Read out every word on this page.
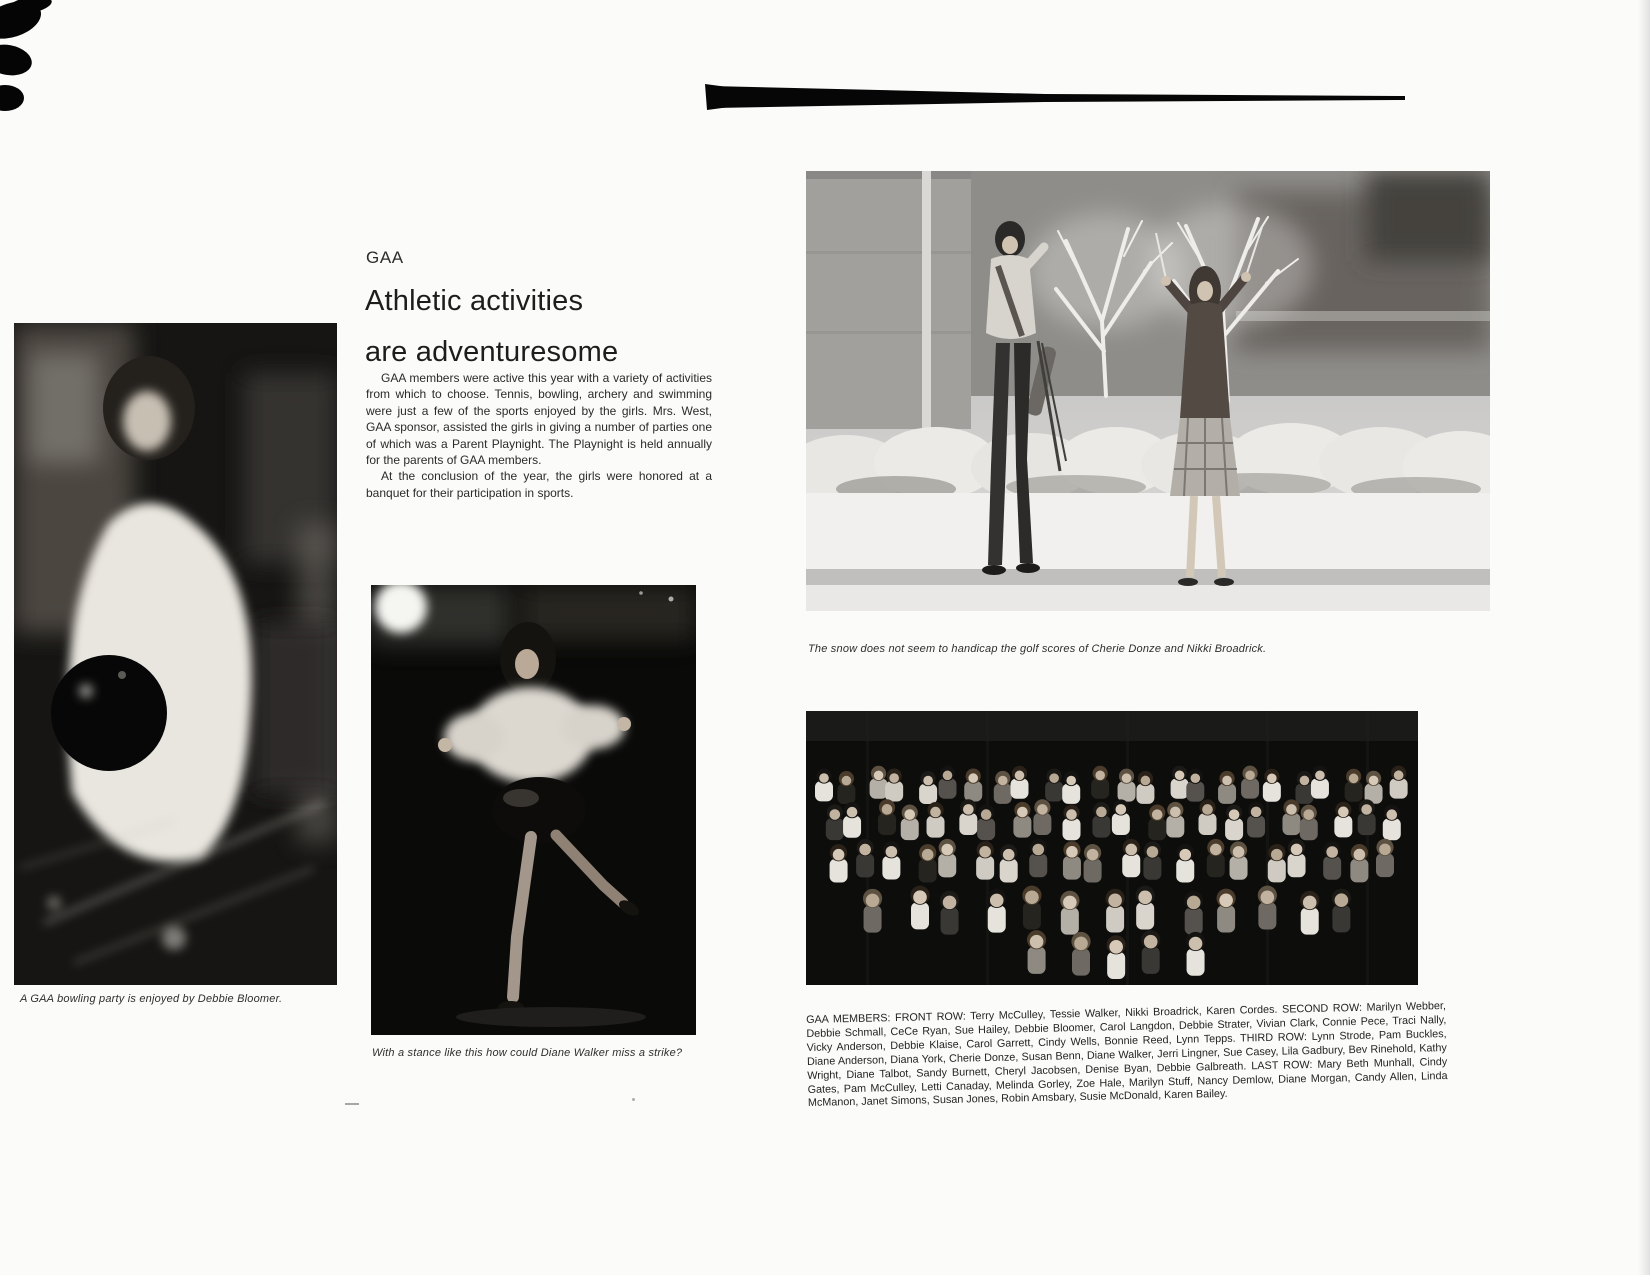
A GAA bowling party is enjoyed by Debbie Bloomer.
GAA
Athletic activities
are adventuresome

GAA members were active this year with a variety of activities from which to choose. Tennis, bowling, archery and swimming were just a few of the sports enjoyed by the girls. Mrs. West, GAA sponsor, assisted the girls in giving a number of parties one of which was a Parent Playnight. The Playnight is held annually for the parents of GAA members.

At the conclusion of the year, the girls were honored at a banquet for their participation in sports.

With a stance like this how could Diane Walker miss a strike?
The snow does not seem to handicap the golf scores of Cherie Donze and Nikki Broadrick.
GAA MEMBERS: FRONT ROW: Terry McCulley, Tessie Walker, Nikki Broadrick, Karen Cordes. SECOND ROW: Marilyn Webber, Debbie Schmall, CeCe Ryan, Sue Hailey, Debbie Bloomer, Carol Langdon, Debbie Strater, Vivian Clark, Connie Pece, Traci Nally, Vicky Anderson, Debbie Klaise, Carol Garrett, Cindy Wells, Bonnie Reed, Lynn Tepps. THIRD ROW: Lynn Strode, Pam Buckles, Diane Anderson, Diana York, Cherie Donze, Susan Benn, Diane Walker, Jerri Lingner, Sue Casey, Lila Gadbury, Bev Rinehold, Kathy Wright, Diane Talbot, Sandy Burnett, Cheryl Jacobsen, Denise Byan, Debbie Galbreath. LAST ROW: Mary Beth Munhall, Cindy Gates, Pam McCulley, Letti Canaday, Melinda Gorley, Zoe Hale, Marilyn Stuff, Nancy Demlow, Diane Morgan, Candy Allen, Linda McManon, Janet Simons, Susan Jones, Robin Amsbary, Susie McDonald, Karen Bailey.
